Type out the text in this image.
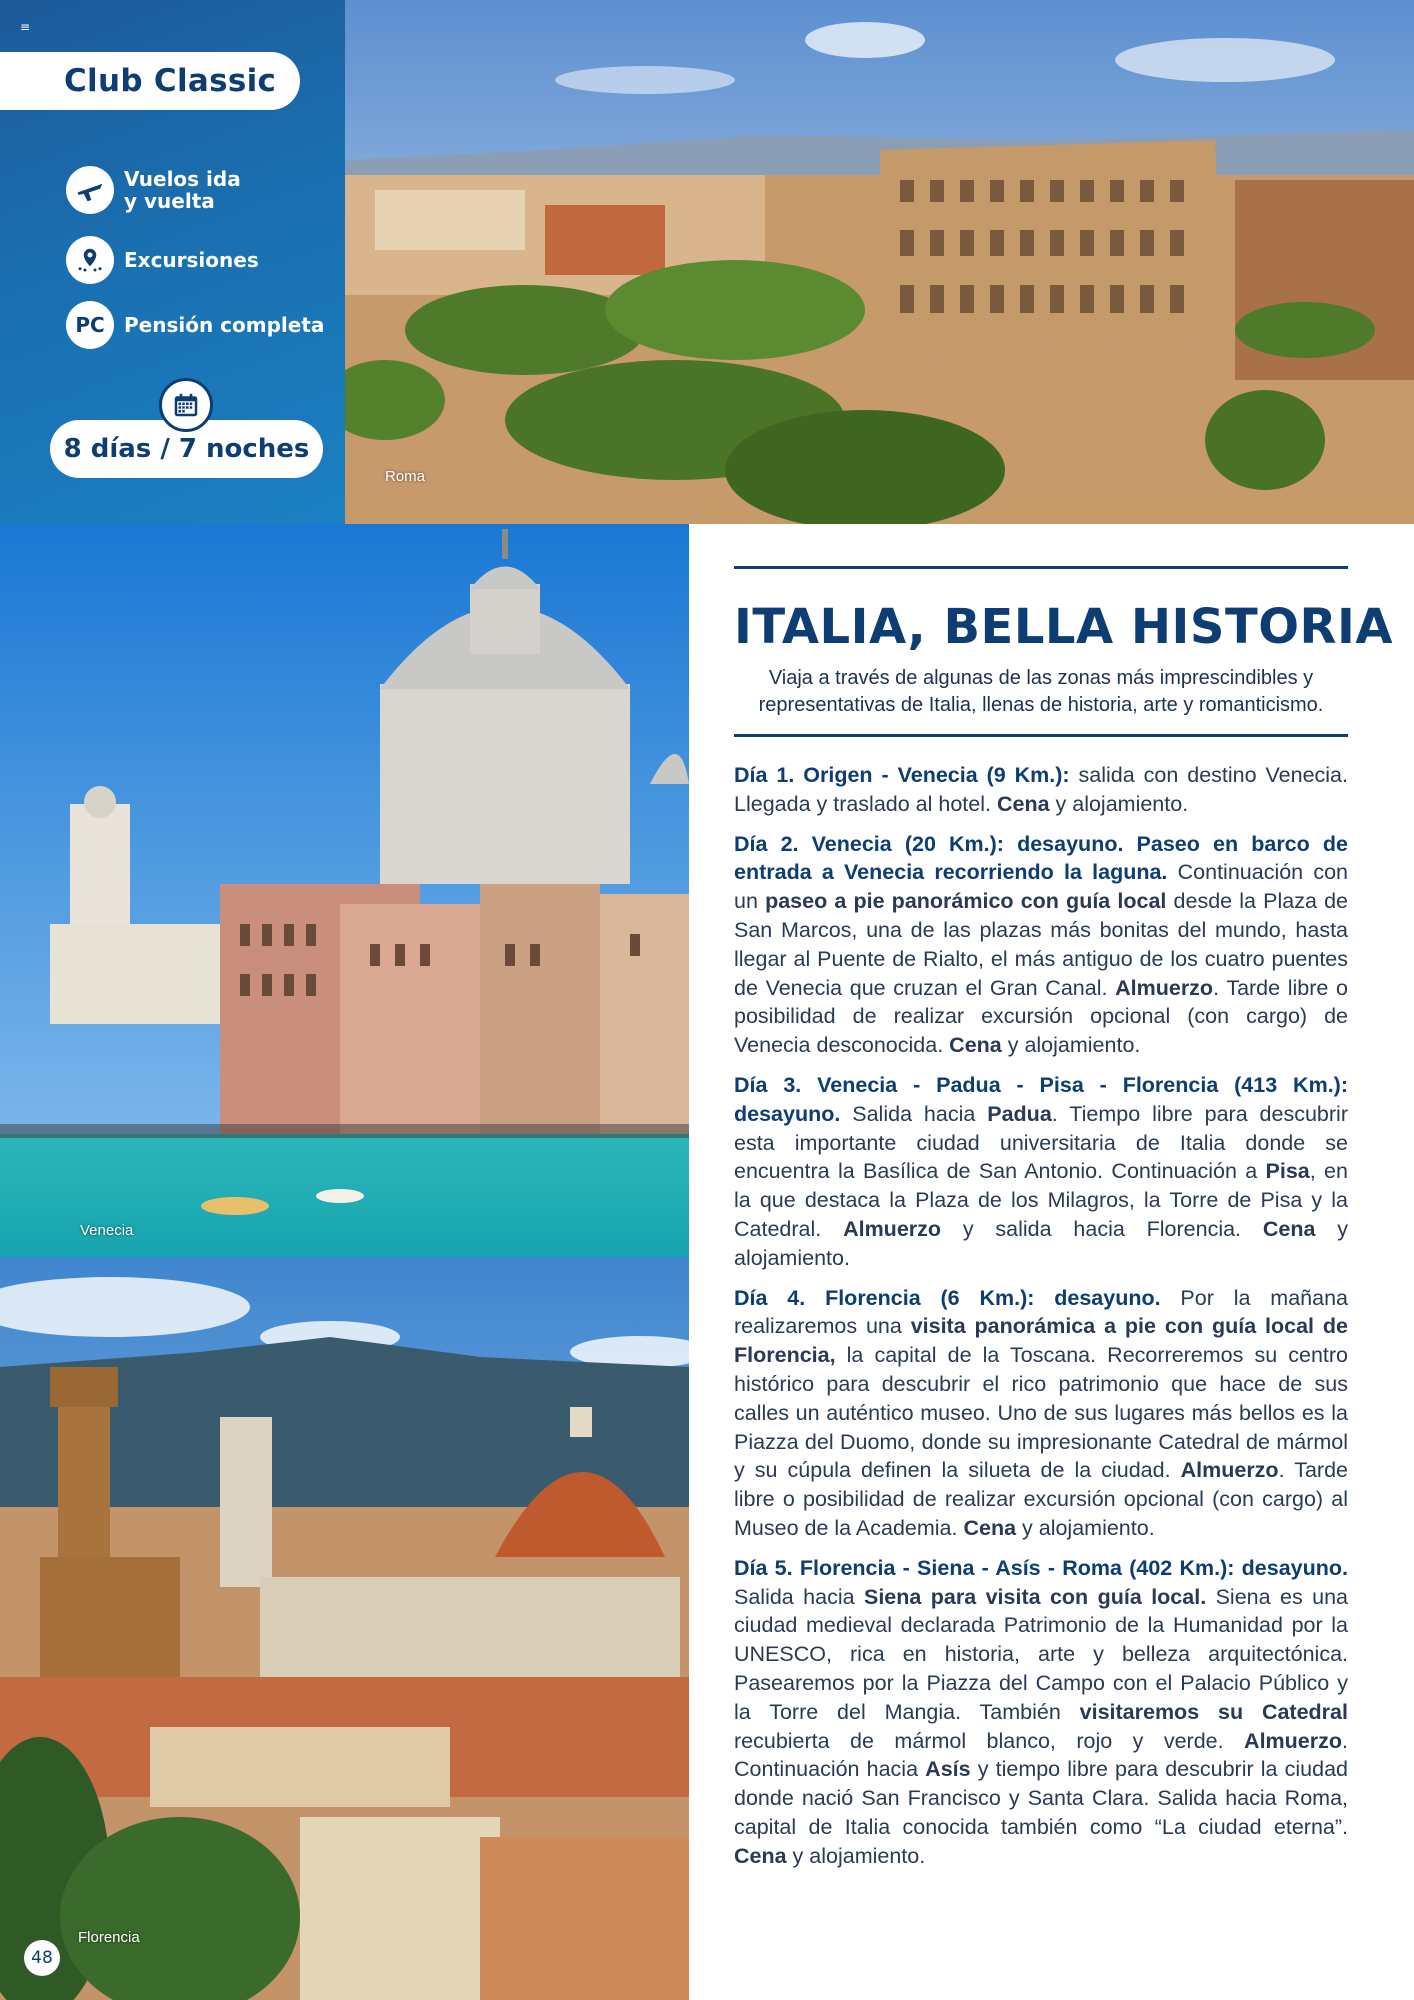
≡
Club Classic
Vuelos ida
y vuelta
Excursiones
PC Pensión completa
8 días / 7 noches
Roma
Venecia
Florencia
48
ITALIA, BELLA HISTORIA

Viaja a través de algunas de las zonas más imprescindibles y representativas de Italia, llenas de historia, arte y romanticismo.

Día 1. Origen - Venecia (9 Km.): salida con destino Venecia. Llegada y traslado al hotel. Cena y alojamiento.

Día 2. Venecia (20 Km.): desayuno. Paseo en barco de entrada a Venecia recorriendo la laguna. Continuación con un paseo a pie panorámico con guía local desde la Plaza de San Marcos, una de las plazas más bonitas del mundo, hasta llegar al Puente de Rialto, el más antiguo de los cuatro puentes de Venecia que cruzan el Gran Canal. Almuerzo. Tarde libre o posibilidad de realizar excursión opcional (con cargo) de Venecia desconocida. Cena y alojamiento.

Día 3. Venecia - Padua - Pisa - Florencia (413 Km.): desayuno. Salida hacia Padua. Tiempo libre para descubrir esta importante ciudad universitaria de Italia donde se encuentra la Basílica de San Antonio. Continuación a Pisa, en la que destaca la Plaza de los Milagros, la Torre de Pisa y la Catedral. Almuerzo y salida hacia Florencia. Cena y alojamiento.

Día 4. Florencia (6 Km.): desayuno. Por la mañana realizaremos una visita panorámica a pie con guía local de Florencia, la capital de la Toscana. Recorreremos su centro histórico para descubrir el rico patrimonio que hace de sus calles un auténtico museo. Uno de sus lugares más bellos es la Piazza del Duomo, donde su impresionante Catedral de mármol y su cúpula definen la silueta de la ciudad. Almuerzo. Tarde libre o posibilidad de realizar excursión opcional (con cargo) al Museo de la Academia. Cena y alojamiento.

Día 5. Florencia - Siena - Asís - Roma (402 Km.): desayuno. Salida hacia Siena para visita con guía local. Siena es una ciudad medieval declarada Patrimonio de la Humanidad por la UNESCO, rica en historia, arte y belleza arquitectónica. Pasearemos por la Piazza del Campo con el Palacio Público y la Torre del Mangia. También visitaremos su Catedral recubierta de mármol blanco, rojo y verde. Almuerzo. Continuación hacia Asís y tiempo libre para descubrir la ciudad donde nació San Francisco y Santa Clara. Salida hacia Roma, capital de Italia conocida también como “La ciudad eterna”. Cena y alojamiento.
